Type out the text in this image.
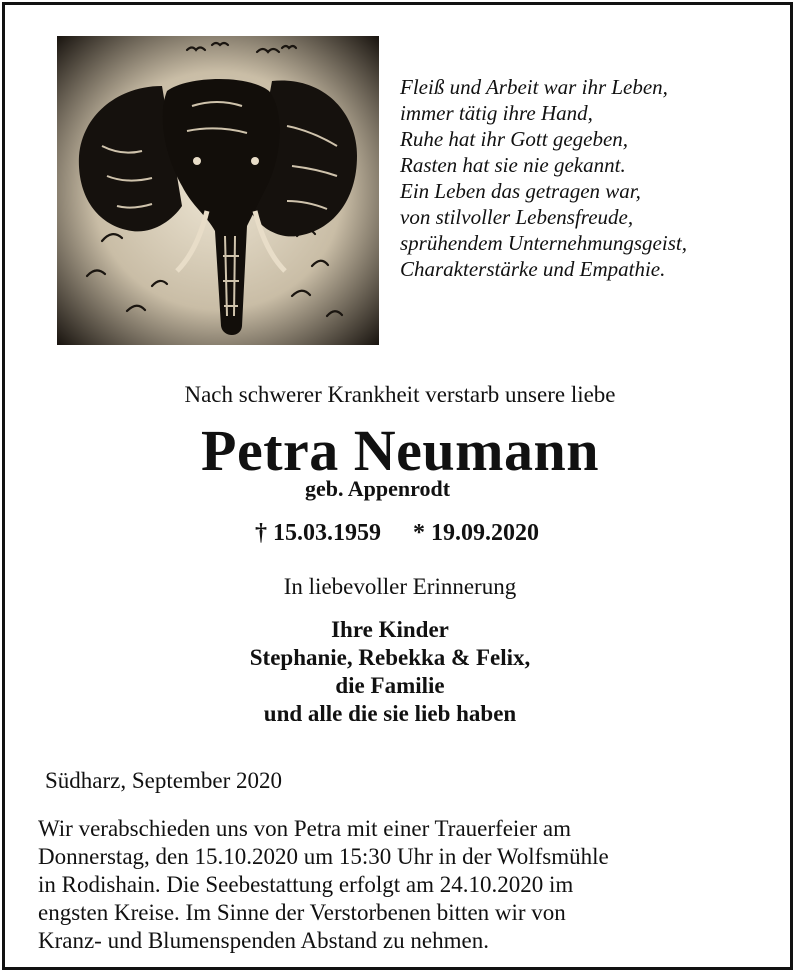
Fleiß und Arbeit war ihr Leben,
immer tätig ihre Hand,
Ruhe hat ihr Gott gegeben,
Rasten hat sie nie gekannt.
Ein Leben das getragen war,
von stilvoller Lebensfreude,
sprühendem Unternehmungsgeist,
Charakterstärke und Empathie.
Nach schwerer Krankheit verstarb unsere liebe
Petra Neumann
geb. Appenrodt
† 15.03.1959 * 19.09.2020
In liebevoller Erinnerung
Ihre Kinder
Stephanie, Rebekka & Felix,
die Familie
und alle die sie lieb haben
Südharz, September 2020
Wir verabschieden uns von Petra mit einer Trauerfeier am
Donnerstag, den 15.10.2020 um 15:30 Uhr in der Wolfsmühle
in Rodishain. Die Seebestattung erfolgt am 24.10.2020 im
engsten Kreise. Im Sinne der Verstorbenen bitten wir von
Kranz- und Blumenspenden Abstand zu nehmen.
